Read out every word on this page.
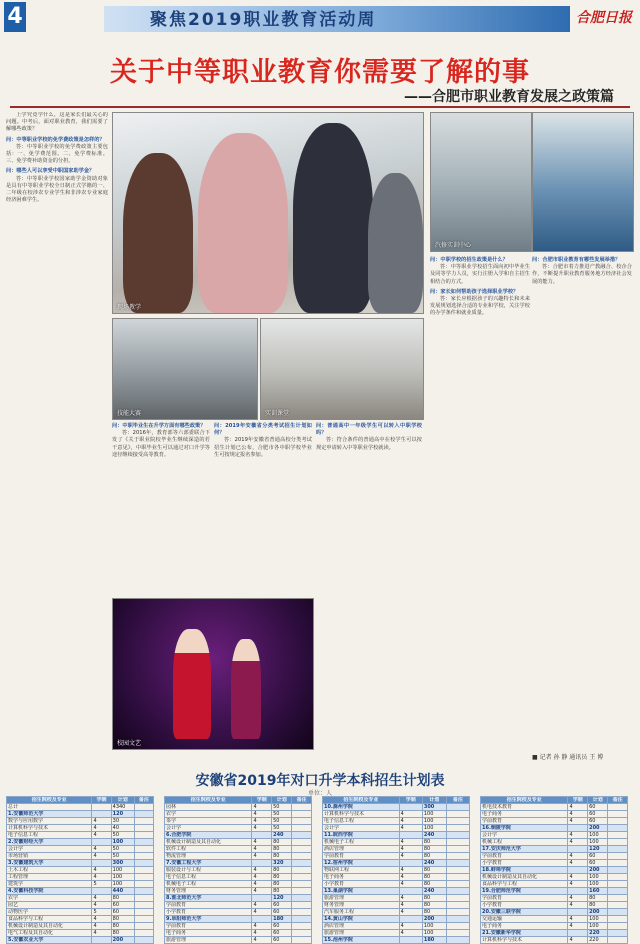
4	聚焦2019职业教育活动周	合肥日报
关于中等职业教育你需要了解的事
——合肥市职业教育发展之政策篇
现场教学
技能大赛	实训课堂
汽修实训中心
校园文艺

上学究竟学什么，这是家长们最关心的问题。中考后，面对职业教育，我们需要了解哪些政策？

问：中等职业学校的免学费政策是怎样的？

答：中等职业学校的免学费政策主要包括：一、免学费范围。二、免学费标准。三、免学费补助资金的分担。

问：哪些人可以享受中职国家助学金？

答：中等职业学校国家助学金资助对象是具有中等职业学校全日制正式学籍的一、二年级在校涉农专业学生和非涉农专业家庭经济困难学生。

问：中职毕业生在升学方面有哪些政策？

答：2016年，教育部等六部委联合下发了《关于职业院校毕业生继续深造的若干意见》，中职毕业生可以通过对口升学等途径继续接受高等教育。

问：2019年安徽省分类考试招生计划如何？

答：2019年安徽省普通高校分类考试招生计划已公布，合肥市各中职学校毕业生可按规定报名参加。

问：普通高中一年级学生可以转入中职学校吗？

答：符合条件的普通高中在校学生可以按规定申请转入中等职业学校就读。

问：中职学校的招生政策是什么？

答：中等职业学校招生面向初中毕业生及同等学力人员，实行注册入学和自主招生相结合的方式。

问：家长如何帮助孩子选择职业学校？

答：家长应根据孩子的兴趣特长和未来发展规划选择合适的专业和学校，关注学校的办学条件和就业质量。

问：合肥市职业教育有哪些发展举措？

答：合肥市着力推进产教融合、校企合作，不断提升职业教育服务地方经济社会发展的能力。

■ 记者 孙 静 通讯员 王 博
安徽省2019年对口升学本科招生计划表
单位：人
招生院校及专业	学制	计划	备注
总计		4340	
1.安徽师范大学		120	
数学与应用数学	4	30	
计算机科学与技术	4	40	
电子信息工程	4	50	
2.安徽财经大学		100	
会计学	4	50	
市场营销	4	50	
3.安徽建筑大学		300	
土木工程	4	100	
工程管理	4	100	
建筑学	5	100	
4.安徽科技学院		440	
农学	4	80	
园艺	4	60	
动物医学	5	60	
食品科学与工程	4	80	
机械设计制造及其自动化	4	80	
电气工程及其自动化	4	80	
5.安徽农业大学		200	
招生院校及专业	学制	计划	备注
园林	4	50	
农学	4	50	
茶学	4	50	
会计学	4	50	
6.合肥学院		240	
机械设计制造及其自动化	4	80	
软件工程	4	80	
物流管理	4	80	
7.安徽工程大学		320	
服装设计与工程	4	80	
电子信息工程	4	80	
机械电子工程	4	80	
财务管理	4	80	
8.淮北师范大学		120	
学前教育	4	60	
小学教育	4	60	
9.阜阳师范大学		180	
学前教育	4	60	
电子商务	4	60	
旅游管理	4	60	
招生院校及专业	学制	计划	备注
10.滁州学院		300	
计算机科学与技术	4	100	
电子信息工程	4	100	
会计学	4	100	
11.皖西学院		240	
机械电子工程	4	80	
酒店管理	4	80	
学前教育	4	80	
12.宿州学院		240	
物联网工程	4	80	
电子商务	4	80	
小学教育	4	80	
13.巢湖学院		240	
旅游管理	4	80	
财务管理	4	80	
汽车服务工程	4	80	
14.黄山学院		200	
酒店管理	4	100	
旅游管理	4	100	
15.池州学院		180	
招生院校及专业	学制	计划	备注
机电技术教育	4	60	
电子商务	4	60	
学前教育	4	60	
16.铜陵学院		200	
会计学	4	100	
机械工程	4	100	
17.安庆师范大学		120	
学前教育	4	60	
小学教育	4	60	
18.蚌埠学院		200	
机械设计制造及其自动化	4	100	
食品科学与工程	4	100	
19.合肥师范学院		160	
学前教育	4	80	
小学教育	4	80	
20.安徽三联学院		200	
交通运输	4	100	
电子商务	4	100	
21.安徽新华学院		220	
计算机科学与技术	4	220	
